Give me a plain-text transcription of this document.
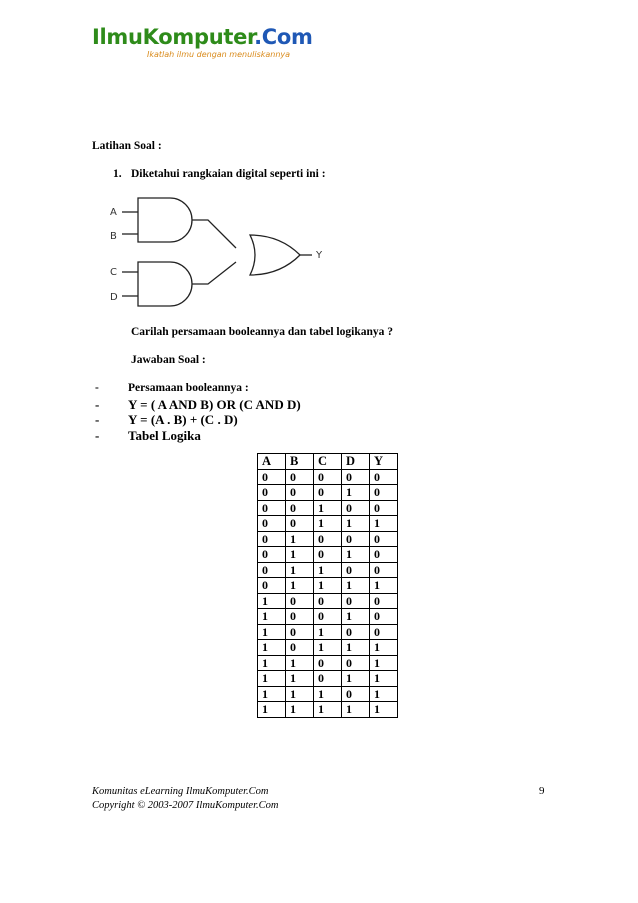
IlmuKomputer.Com
Ikatlah ilmu dengan menuliskannya
Latihan Soal :
1. Diketahui rangkaian digital seperti ini :
A
B
C
D
Y
Carilah persamaan booleannya dan tabel logikanya ?
Jawaban Soal :
-	Persamaan booleannya :
-	Y = ( A AND B) OR (C AND D)
-	Y = (A . B) + (C . D)
-	Tabel Logika
A	B	C	D	Y
0	0	0	0	0
0	0	0	1	0
0	0	1	0	0
0	0	1	1	1
0	1	0	0	0
0	1	0	1	0
0	1	1	0	0
0	1	1	1	1
1	0	0	0	0
1	0	0	1	0
1	0	1	0	0
1	0	1	1	1
1	1	0	0	1
1	1	0	1	1
1	1	1	0	1
1	1	1	1	1
Komunitas eLearning IlmuKomputer.Com
Copyright © 2003-2007 IlmuKomputer.Com
9
